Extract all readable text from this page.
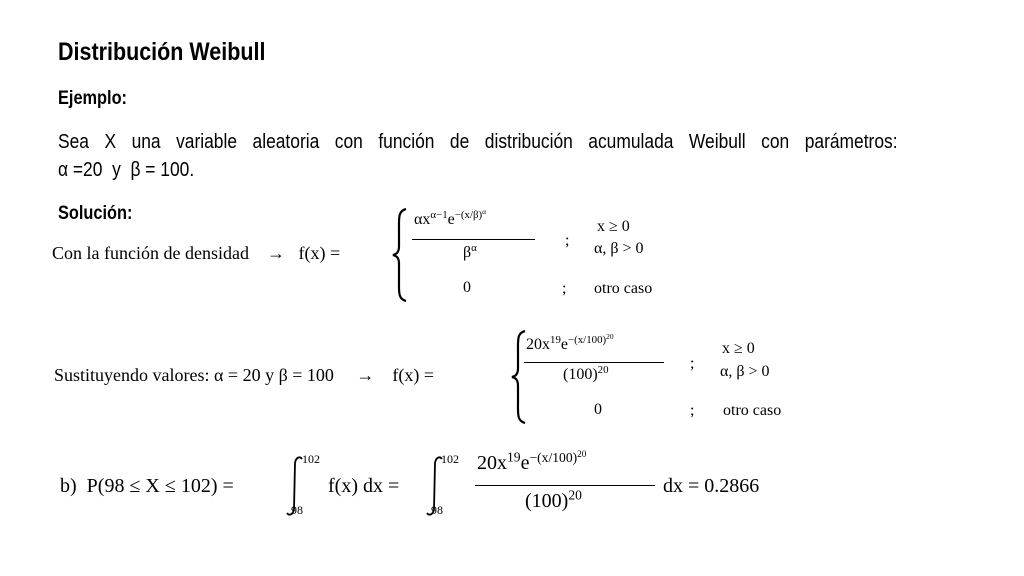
Distribución Weibull
Ejemplo:
Sea X una variable aleatoria con función de distribución acumulada Weibull con parámetros:
α =20 y β = 100.
Solución:
Con la función de densidad → f(x) =
$\alpha x^{\alpha-1}e^{-(x/\beta)^\alpha}$
$\beta^\alpha$	;
x ≥ 0
α, β > 0
0	; otro caso
Sustituyendo valores: α = 20 y β = 100 → f(x) =
$20x^{19}e^{-(x/100)^{20}}$
$(100)^{20}$	;
x ≥ 0
α, β > 0
0	; otro caso
b) P(98 ≤ X ≤ 102) =
102
98
f(x) dx =
102
98
$20x^{19}e^{-(x/100)^{20}}$
$(100)^{20}$	dx = 0.2866
